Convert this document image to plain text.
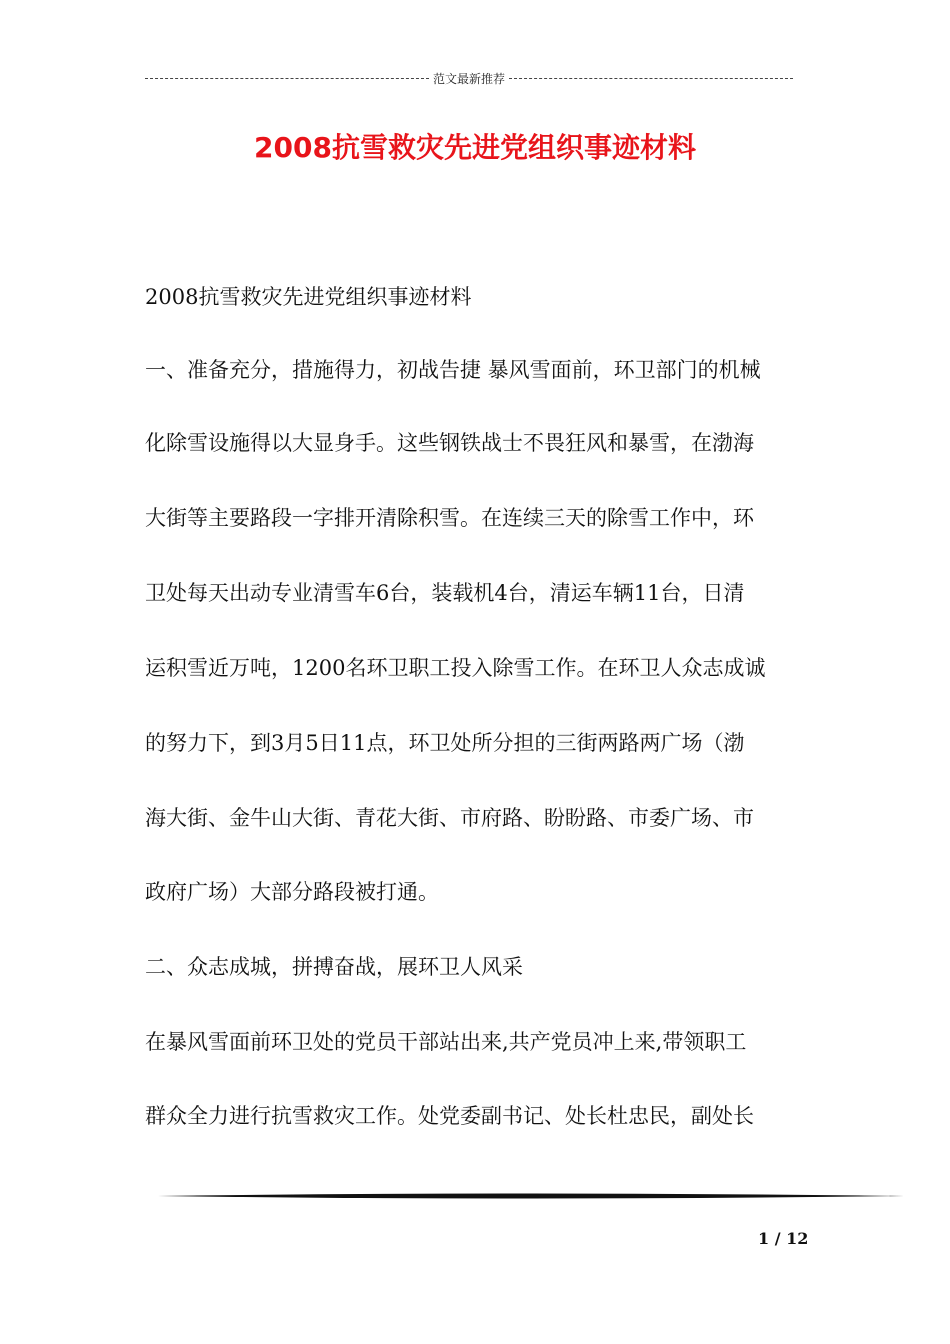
范文最新推荐
2008抗雪救灾先进党组织事迹材料
2008抗雪救灾先进党组织事迹材料
一、准备充分，措施得力，初战告捷 暴风雪面前，环卫部门的机械
化除雪设施得以大显身手。这些钢铁战士不畏狂风和暴雪，在渤海
大街等主要路段一字排开清除积雪。在连续三天的除雪工作中，环
卫处每天出动专业清雪车6台，装载机4台，清运车辆11台，日清
运积雪近万吨，1200名环卫职工投入除雪工作。在环卫人众志成诚
的努力下，到3月5日11点，环卫处所分担的三街两路两广场（渤
海大街、金牛山大街、青花大街、市府路、盼盼路、市委广场、市
政府广场）大部分路段被打通。
二、众志成城，拼搏奋战，展环卫人风采
在暴风雪面前环卫处的党员干部站出来,共产党员冲上来,带领职工
群众全力进行抗雪救灾工作。处党委副书记、处长杜忠民，副处长
1 / 12
